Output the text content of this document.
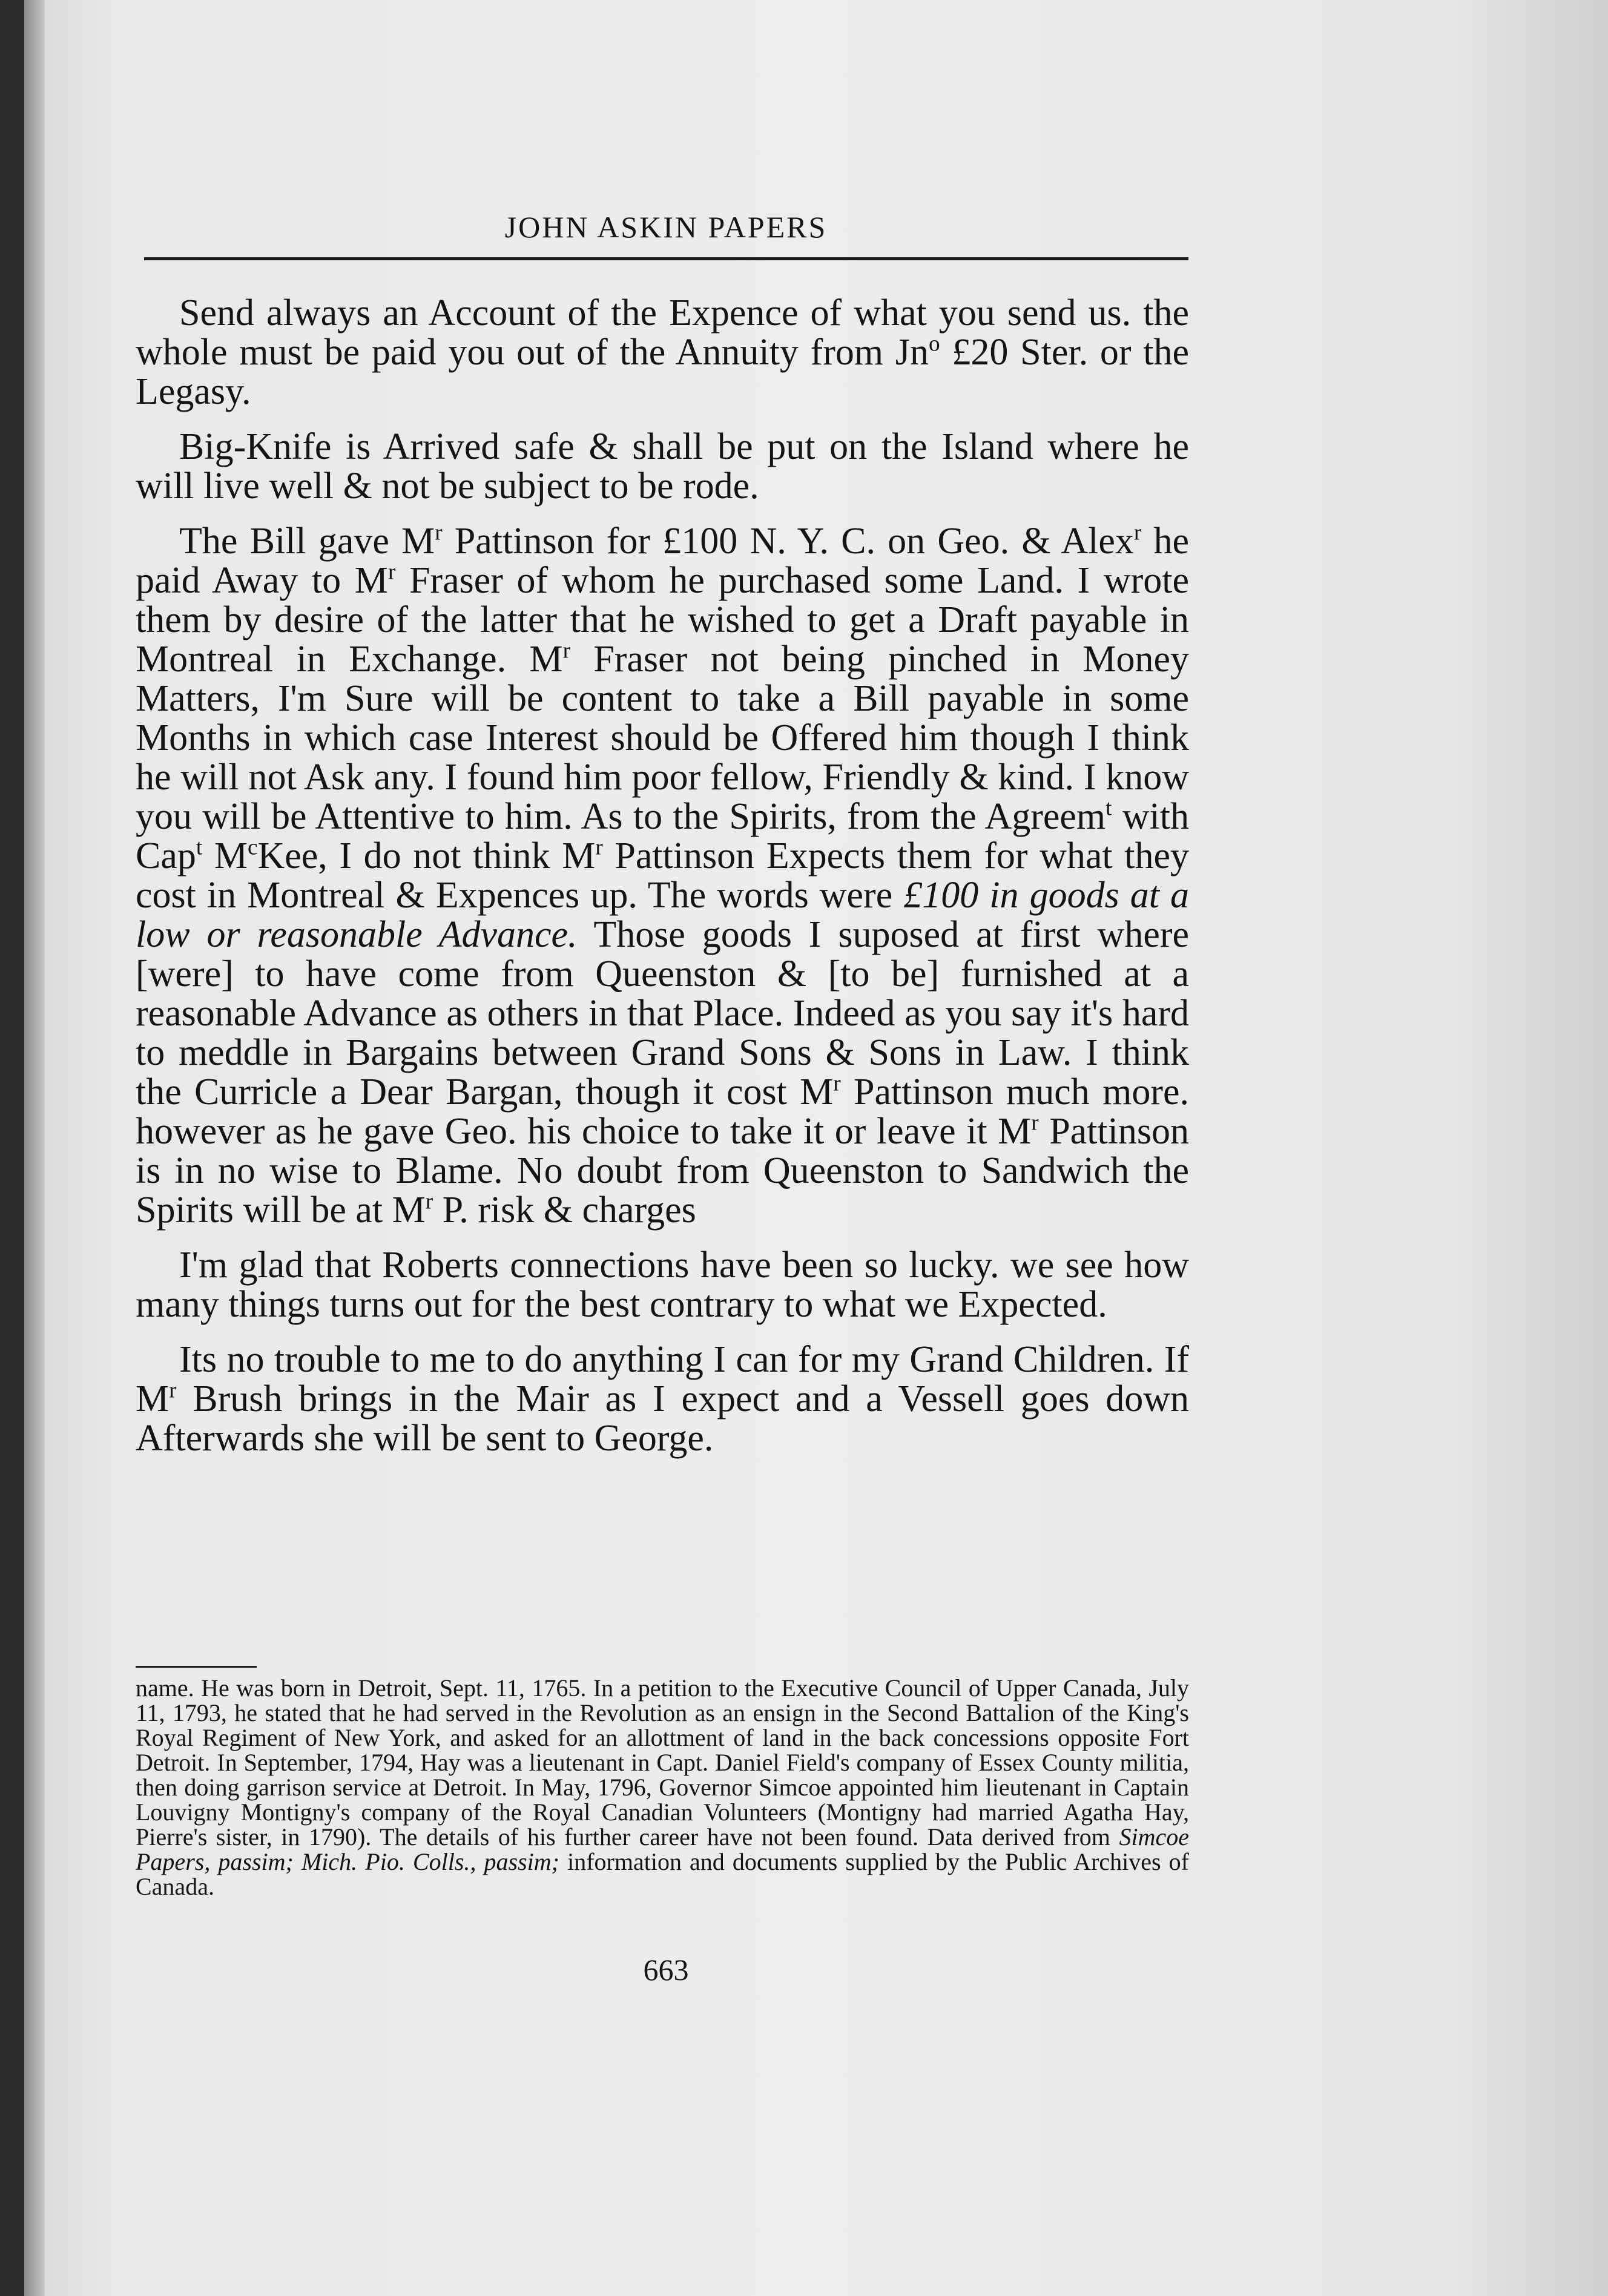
JOHN ASKIN PAPERS

Send always an Account of the Expence of what you send us. the whole must be paid you out of the Annuity from Jn$^o$ £20 Ster. or the Legasy.

Big-Knife is Arrived safe & shall be put on the Island where he will live well & not be subject to be rode.

The Bill gave $M^r$ Pattinson for £100 N. Y. C. on Geo. & Alex$^r$ he paid Away to $M^r$ Fraser of whom he purchased some Land. I wrote them by desire of the latter that he wished to get a Draft payable in Montreal in Exchange. $M^r$ Fraser not being pinched in Money Matters, I'm Sure will be content to take a Bill payable in some Months in which case Interest should be Offered him though I think he will not Ask any. I found him poor fellow, Friendly & kind. I know you will be Attentive to him. As to the Spirits, from the Agreem$^t$ with Cap$^t$ $M^cKee$, I do not think $M^r$ Pattinson Expects them for what they cost in Montreal & Expences up. The words were £100 in goods at a low or reasonable Advance. Those goods I suposed at first where [were] to have come from Queenston & [to be] furnished at a reasonable Advance as others in that Place. Indeed as you say it's hard to meddle in Bargains between Grand Sons & Sons in Law. I think the Curricle a Dear Bargan, though it cost $M^r$ Pattinson much more. however as he gave Geo. his choice to take it or leave it $M^r$ Pattinson is in no wise to Blame. No doubt from Queenston to Sandwich the Spirits will be at $M^r$ P. risk & charges

I'm glad that Roberts connections have been so lucky. we see how many things turns out for the best contrary to what we Expected.

Its no trouble to me to do anything I can for my Grand Children. If $M^r$ Brush brings in the Mair as I expect and a Vessell goes down Afterwards she will be sent to George.

name. He was born in Detroit, Sept. 11, 1765. In a petition to the Executive Council of Upper Canada, July 11, 1793, he stated that he had served in the Revolution as an ensign in the Second Battalion of the King's Royal Regiment of New York, and asked for an allottment of land in the back concessions opposite Fort Detroit. In September, 1794, Hay was a lieutenant in Capt. Daniel Field's company of Essex County militia, then doing garrison service at Detroit. In May, 1796, Governor Simcoe appointed him lieutenant in Captain Louvigny Montigny's company of the Royal Canadian Volunteers (Montigny had married Agatha Hay, Pierre's sister, in 1790). The details of his further career have not been found. Data derived from Simcoe Papers, passim; Mich. Pio. Colls., passim; information and documents supplied by the Public Archives of Canada.

663
